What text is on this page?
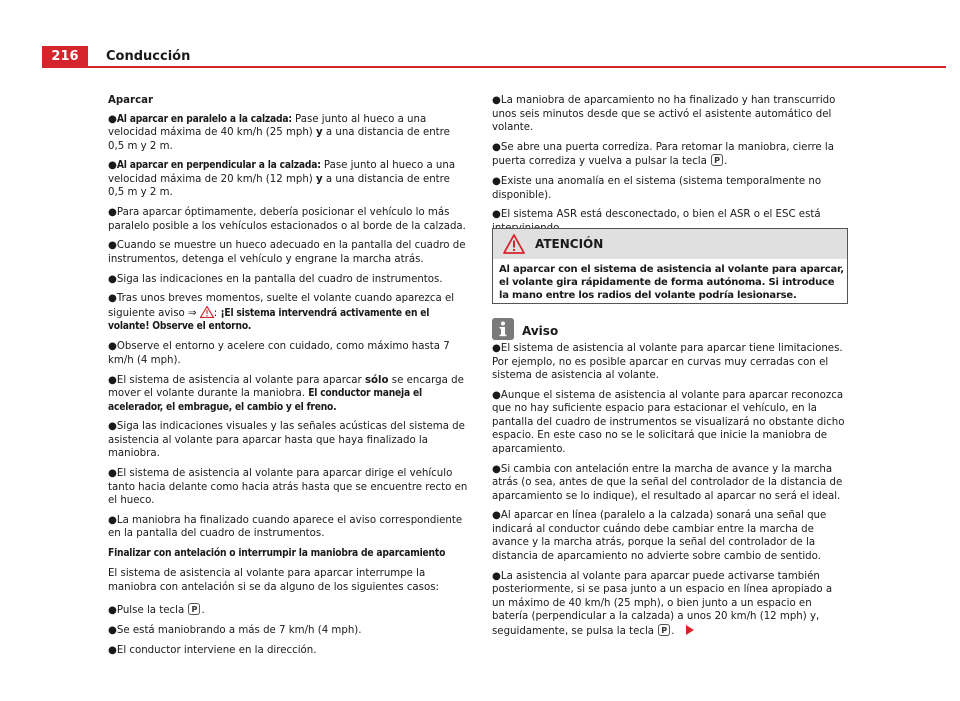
216	Conducción
Aparcar
●Al aparcar en paralelo a la calzada: Pase junto al hueco a una velocidad máxima de 40 km/h (25 mph) y a una distancia de entre 0,5 m y 2 m.
●Al aparcar en perpendicular a la calzada: Pase junto al hueco a una velocidad máxima de 20 km/h (12 mph) y a una distancia de entre 0,5 m y 2 m.
●Para aparcar óptimamente, debería posicionar el vehículo lo más paralelo posible a los vehículos estacionados o al borde de la calzada.
●Cuando se muestre un hueco adecuado en la pantalla del cuadro de instrumentos, detenga el vehículo y engrane la marcha atrás.
●Siga las indicaciones en la pantalla del cuadro de instrumentos.
●Tras unos breves momentos, suelte el volante cuando aparezca el siguiente aviso ⇒ : ¡El sistema intervendrá activamente en el volante! Observe el entorno.
●Observe el entorno y acelere con cuidado, como máximo hasta 7 km/h (4 mph).
●El sistema de asistencia al volante para aparcar sólo se encarga de mover el volante durante la maniobra. El conductor maneja el acelerador, el embrague, el cambio y el freno.
●Siga las indicaciones visuales y las señales acústicas del sistema de asistencia al volante para aparcar hasta que haya finalizado la maniobra.
●El sistema de asistencia al volante para aparcar dirige el vehículo tanto hacia delante como hacia atrás hasta que se encuentre recto en el hueco.
●La maniobra ha finalizado cuando aparece el aviso correspondiente en la pantalla del cuadro de instrumentos.
Finalizar con antelación o interrumpir la maniobra de aparcamiento
El sistema de asistencia al volante para aparcar interrumpe la maniobra con antelación si se da alguno de los siguientes casos:
●Pulse la tecla P.
●Se está maniobrando a más de 7 km/h (4 mph).
●El conductor interviene en la dirección.
●La maniobra de aparcamiento no ha finalizado y han transcurrido unos seis minutos desde que se activó el asistente automático del volante.
●Se abre una puerta corrediza. Para retomar la maniobra, cierre la puerta corrediza y vuelva a pulsar la tecla P.
●Existe una anomalía en el sistema (sistema temporalmente no disponible).
●El sistema ASR está desconectado, o bien el ASR o el ESC está
ATENCIÓN
Al aparcar con el sistema de asistencia al volante para aparcar, el volante gira rápidamente de forma autónoma. Si introduce la mano entre los radios del volante podría lesionarse.
Aviso
●El sistema de asistencia al volante para aparcar tiene limitaciones. Por ejemplo, no es posible aparcar en curvas muy cerradas con el sistema de asistencia al volante.
●Aunque el sistema de asistencia al volante para aparcar reconozca que no hay suficiente espacio para estacionar el vehículo, en la pantalla del cuadro de instrumentos se visualizará no obstante dicho espacio. En este caso no se le solicitará que inicie la maniobra de aparcamiento.
●Si cambia con antelación entre la marcha de avance y la marcha atrás (o sea, antes de que la señal del controlador de la distancia de aparcamiento se lo indique), el resultado al aparcar no será el ideal.
●Al aparcar en línea (paralelo a la calzada) sonará una señal que indicará al conductor cuándo debe cambiar entre la marcha de avance y la marcha atrás, porque la señal del controlador de la distancia de aparcamiento no advierte sobre cambio de sentido.
●La asistencia al volante para aparcar puede activarse también posteriormente, si se pasa junto a un espacio en línea apropiado a un máximo de 40 km/h (25 mph), o bien junto a un espacio en batería (perpendicular a la calzada) a unos 20 km/h (12 mph) y, seguidamente, se pulsa la tecla P.
